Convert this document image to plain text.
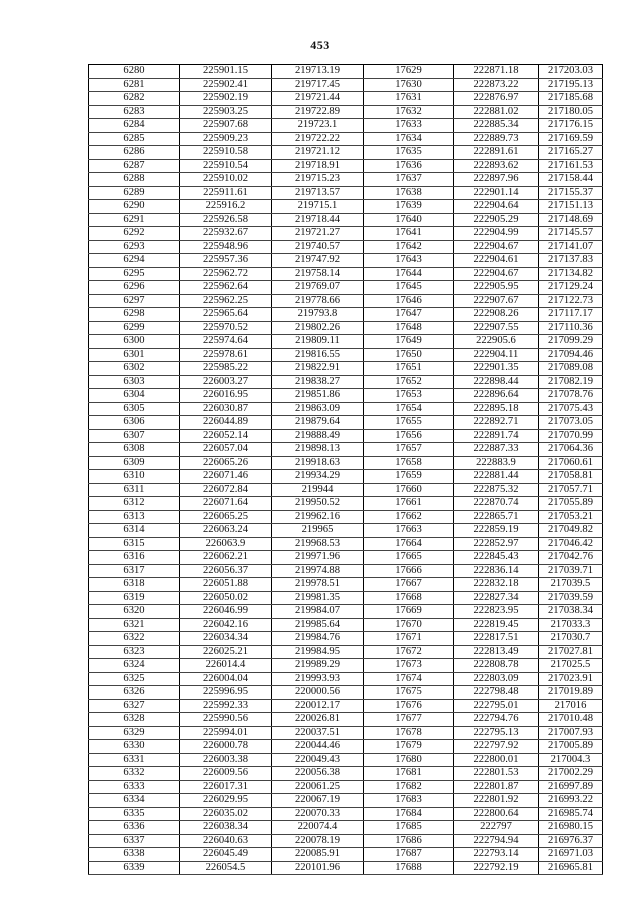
453
6280	225901.15	219713.19	17629	222871.18	217203.03
6281	225902.41	219717.45	17630	222873.22	217195.13
6282	225902.19	219721.44	17631	222876.97	217185.68
6283	225903.25	219722.89	17632	222881.02	217180.05
6284	225907.68	219723.1	17633	222885.34	217176.15
6285	225909.23	219722.22	17634	222889.73	217169.59
6286	225910.58	219721.12	17635	222891.61	217165.27
6287	225910.54	219718.91	17636	222893.62	217161.53
6288	225910.02	219715.23	17637	222897.96	217158.44
6289	225911.61	219713.57	17638	222901.14	217155.37
6290	225916.2	219715.1	17639	222904.64	217151.13
6291	225926.58	219718.44	17640	222905.29	217148.69
6292	225932.67	219721.27	17641	222904.99	217145.57
6293	225948.96	219740.57	17642	222904.67	217141.07
6294	225957.36	219747.92	17643	222904.61	217137.83
6295	225962.72	219758.14	17644	222904.67	217134.82
6296	225962.64	219769.07	17645	222905.95	217129.24
6297	225962.25	219778.66	17646	222907.67	217122.73
6298	225965.64	219793.8	17647	222908.26	217117.17
6299	225970.52	219802.26	17648	222907.55	217110.36
6300	225974.64	219809.11	17649	222905.6	217099.29
6301	225978.61	219816.55	17650	222904.11	217094.46
6302	225985.22	219822.91	17651	222901.35	217089.08
6303	226003.27	219838.27	17652	222898.44	217082.19
6304	226016.95	219851.86	17653	222896.64	217078.76
6305	226030.87	219863.09	17654	222895.18	217075.43
6306	226044.89	219879.64	17655	222892.71	217073.05
6307	226052.14	219888.49	17656	222891.74	217070.99
6308	226057.04	219898.13	17657	222887.33	217064.36
6309	226065.26	219918.63	17658	222883.9	217060.61
6310	226071.46	219934.29	17659	222881.44	217058.81
6311	226072.84	219944	17660	222875.32	217057.71
6312	226071.64	219950.52	17661	222870.74	217055.89
6313	226065.25	219962.16	17662	222865.71	217053.21
6314	226063.24	219965	17663	222859.19	217049.82
6315	226063.9	219968.53	17664	222852.97	217046.42
6316	226062.21	219971.96	17665	222845.43	217042.76
6317	226056.37	219974.88	17666	222836.14	217039.71
6318	226051.88	219978.51	17667	222832.18	217039.5
6319	226050.02	219981.35	17668	222827.34	217039.59
6320	226046.99	219984.07	17669	222823.95	217038.34
6321	226042.16	219985.64	17670	222819.45	217033.3
6322	226034.34	219984.76	17671	222817.51	217030.7
6323	226025.21	219984.95	17672	222813.49	217027.81
6324	226014.4	219989.29	17673	222808.78	217025.5
6325	226004.04	219993.93	17674	222803.09	217023.91
6326	225996.95	220000.56	17675	222798.48	217019.89
6327	225992.33	220012.17	17676	222795.01	217016
6328	225990.56	220026.81	17677	222794.76	217010.48
6329	225994.01	220037.51	17678	222795.13	217007.93
6330	226000.78	220044.46	17679	222797.92	217005.89
6331	226003.38	220049.43	17680	222800.01	217004.3
6332	226009.56	220056.38	17681	222801.53	217002.29
6333	226017.31	220061.25	17682	222801.87	216997.89
6334	226029.95	220067.19	17683	222801.92	216993.22
6335	226035.02	220070.33	17684	222800.64	216985.74
6336	226038.34	220074.4	17685	222797	216980.15
6337	226040.63	220078.19	17686	222794.94	216976.37
6338	226045.49	220085.91	17687	222793.14	216971.03
6339	226054.5	220101.96	17688	222792.19	216965.81
